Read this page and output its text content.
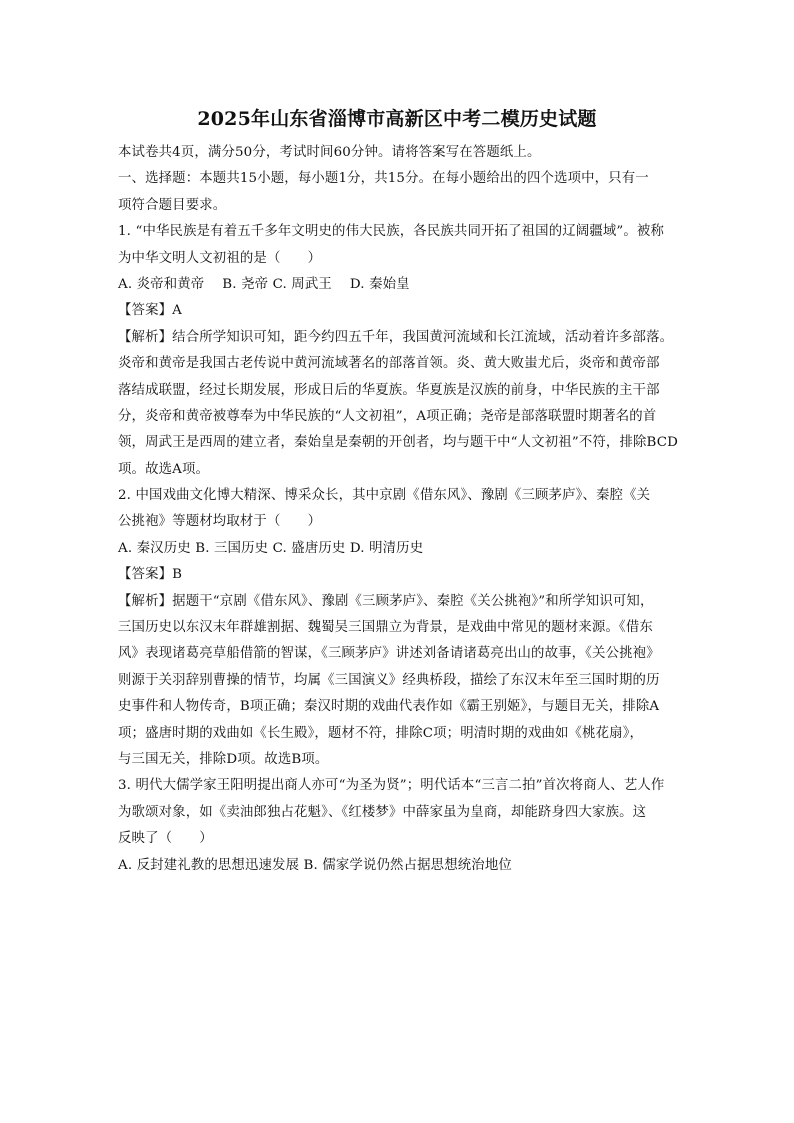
2025年山东省淄博市高新区中考二模历史试题
本试卷共4页，满分50分，考试时间60分钟。请将答案写在答题纸上。
一、选择题：本题共15小题，每小题1分，共15分。在每小题给出的四个选项中，只有一
项符合题目要求。
1. “中华民族是有着五千多年文明史的伟大民族，各民族共同开拓了祖国的辽阔疆域”。被称
为中华文明人文初祖的是（　　）
A. 炎帝和黄帝　 B. 尧帝 C. 周武王　 D. 秦始皇
【答案】A
【解析】结合所学知识可知，距今约四五千年，我国黄河流域和长江流域，活动着许多部落。
炎帝和黄帝是我国古老传说中黄河流域著名的部落首领。炎、黄大败蚩尤后，炎帝和黄帝部
落结成联盟，经过长期发展，形成日后的华夏族。华夏族是汉族的前身，中华民族的主干部
分，炎帝和黄帝被尊奉为中华民族的“人文初祖”，A项正确；尧帝是部落联盟时期著名的首
领，周武王是西周的建立者，秦始皇是秦朝的开创者，均与题干中“人文初祖”不符，排除BCD
项。故选A项。
2. 中国戏曲文化博大精深、博采众长，其中京剧《借东风》、豫剧《三顾茅庐》、秦腔《关
公挑袍》等题材均取材于（　　）
A. 秦汉历史 B. 三国历史 C. 盛唐历史 D. 明清历史
【答案】B
【解析】据题干“京剧《借东风》、豫剧《三顾茅庐》、秦腔《关公挑袍》”和所学知识可知，
三国历史以东汉末年群雄割据、魏蜀吴三国鼎立为背景，是戏曲中常见的题材来源。《借东
风》表现诸葛亮草船借箭的智谋，《三顾茅庐》讲述刘备请诸葛亮出山的故事，《关公挑袍》
则源于关羽辞别曹操的情节，均属《三国演义》经典桥段，描绘了东汉末年至三国时期的历
史事件和人物传奇，B项正确；秦汉时期的戏曲代表作如《霸王别姬》，与题目无关，排除A
项；盛唐时期的戏曲如《长生殿》，题材不符，排除C项；明清时期的戏曲如《桃花扇》，
与三国无关，排除D项。故选B项。
3. 明代大儒学家王阳明提出商人亦可“为圣为贤”；明代话本“三言二拍”首次将商人、艺人作
为歌颂对象，如《卖油郎独占花魁》、《红楼梦》中薛家虽为皇商，却能跻身四大家族。这
反映了（　　）
A. 反封建礼教的思想迅速发展 B. 儒家学说仍然占据思想统治地位
